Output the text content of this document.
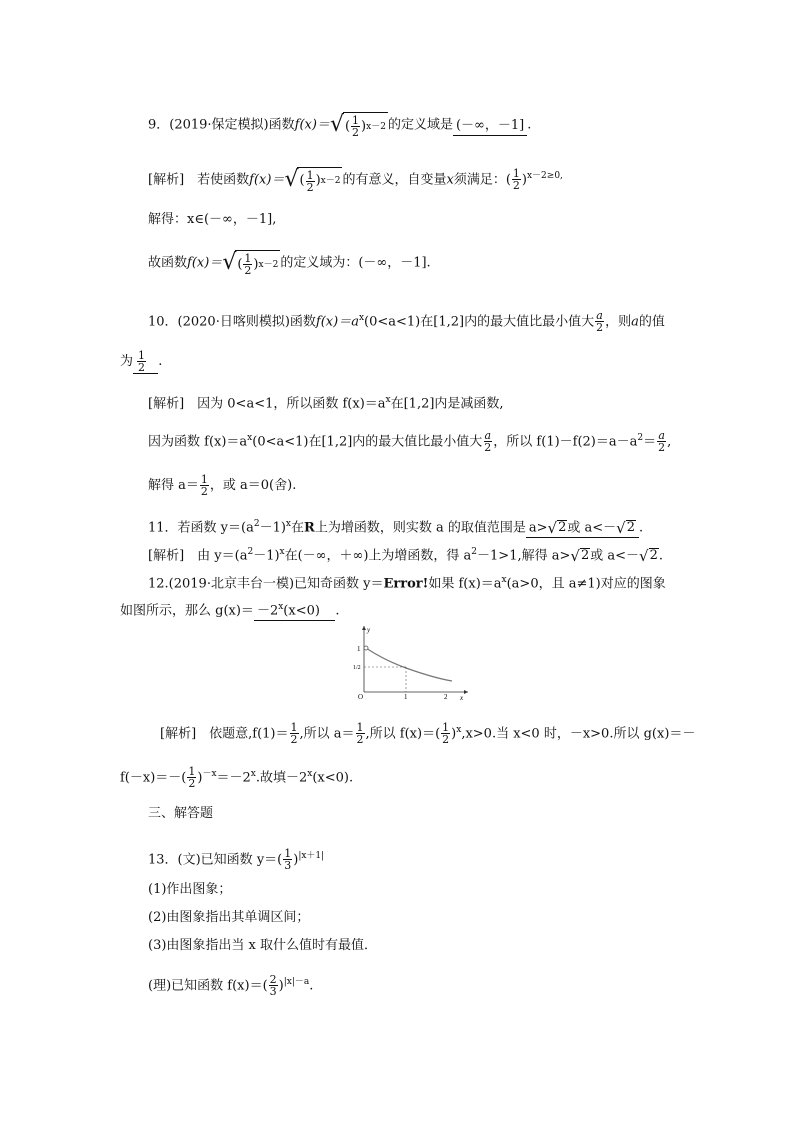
9．(2019·保定模拟)函数f(x)＝ √ ( $\frac{1}{2}$ ) x－2 的定义域是 (－∞，－1] .
[解析]　若使函数f(x)＝ √ ( $\frac{1}{2}$ ) x－2 的有意义，自变量x须满足：( $\frac{1}{2} )^{x-2\ge 0,}$
解得：x∈(－∞，－1],
故函数f(x)＝ √ ( $\frac{1}{2}$ ) x－2 的定义域为：(－∞，－1].
10．(2020·日喀则模拟)函数$f(x)=a^x(0<a<1)$在[1,2]内的最大值比最小值大 $\frac{a}{2}$ ，则a的值
为 $\frac{1}{2}$ .
[解析]　因为 0<a<1，所以函数 $f(x)=a^x$在[1,2]内是减函数,
因为函数 $f(x)=a^x(0<a<1)$在[1,2]内的最大值比最小值大 $\frac{a}{2}$ ，所以 $f(1)-f(2)=a-a^2= \frac{a}{2}$ ,
解得 $a= \frac{1}{2}$ ，或 a＝0(舍).
11．若函数 $y=(a^2-1)^x$在R上为增函数，则实数 a 的取值范围是 a> √ 2 或 a<－ √ 2 .
[解析]　由 $y=(a^2-1)^x$在(－∞，＋∞)上为增函数，得 $a^2-1>1$,解得 a> √ 2 或 a<－ √ 2 .
12.(2019·北京丰台一模)已知奇函数 y＝Error!如果 $f(x)=a^x(a>0$，且 a≠1)对应的图象
如图所示，那么 $g(x)= -2^x(x<0)$ .
y
x
1
1/2
O	1	2
[解析]　依题意$,f(1)= \frac{1}{2}$ ,所以 $a= \frac{1}{2}$ ,所以 $f(x)=( \frac{1}{2} )^x,x>0$.当 x<0 时，－x>0.所以 g(x)＝－
$f(-x)=-( \frac{1}{2} )^{-x}=-2^x$.故填$-2^x(x<0)$.
三、解答题
13．(文)已知函数 $y=( \frac{1}{3} )^{|x+1|}$
(1)作出图象；
(2)由图象指出其单调区间；
(3)由图象指出当 x 取什么值时有最值．
(理)已知函数 $f(x)=( \frac{2}{3} )^{|x|-a}$.
